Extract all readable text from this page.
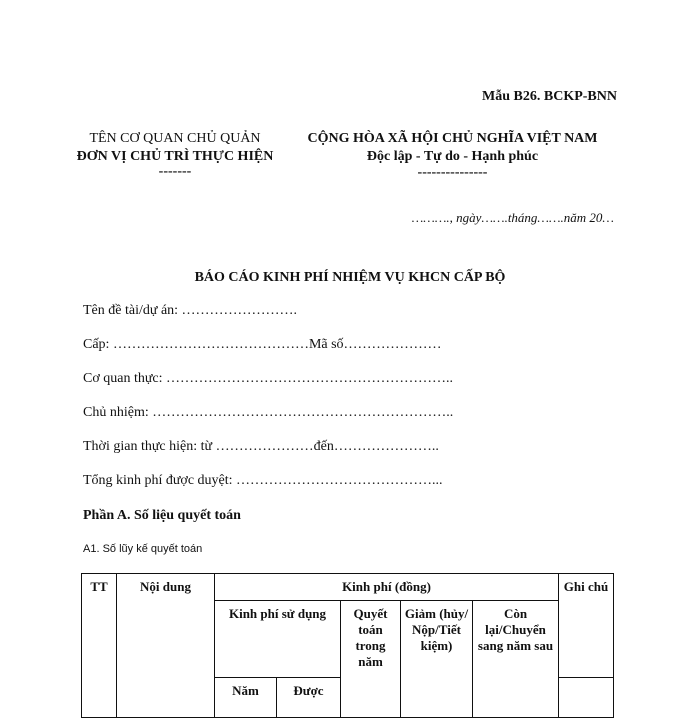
Mẫu B26. BCKP-BNN
TÊN CƠ QUAN CHỦ QUẢN
ĐƠN VỊ CHỦ TRÌ THỰC HIỆN
-------
CỘNG HÒA XÃ HỘI CHỦ NGHĨA VIỆT NAM
Độc lập - Tự do - Hạnh phúc
---------------
………., ngày…….tháng…….năm 20…
BÁO CÁO KINH PHÍ NHIỆM VỤ KHCN CẤP BỘ
Tên đề tài/dự án: …………………….
Cấp: ……………………………………Mã số…………………
Cơ quan thực: ……………………………………………………..
Chủ nhiệm: ………………………………………………………..
Thời gian thực hiện: từ …………………đến…………………..
Tổng kinh phí được duyệt: ……………………………………...
Phần A. Số liệu quyết toán
A1. Số lũy kế quyết toán
TT	Nội dung	Kinh phí (đồng)					Ghi chú
		Kinh phí sử dụng		Quyết toán trong năm	Giảm (hủy/ Nộp/Tiết kiệm)	Còn lại/Chuyển sang năm sau	
		Năm	Được				
